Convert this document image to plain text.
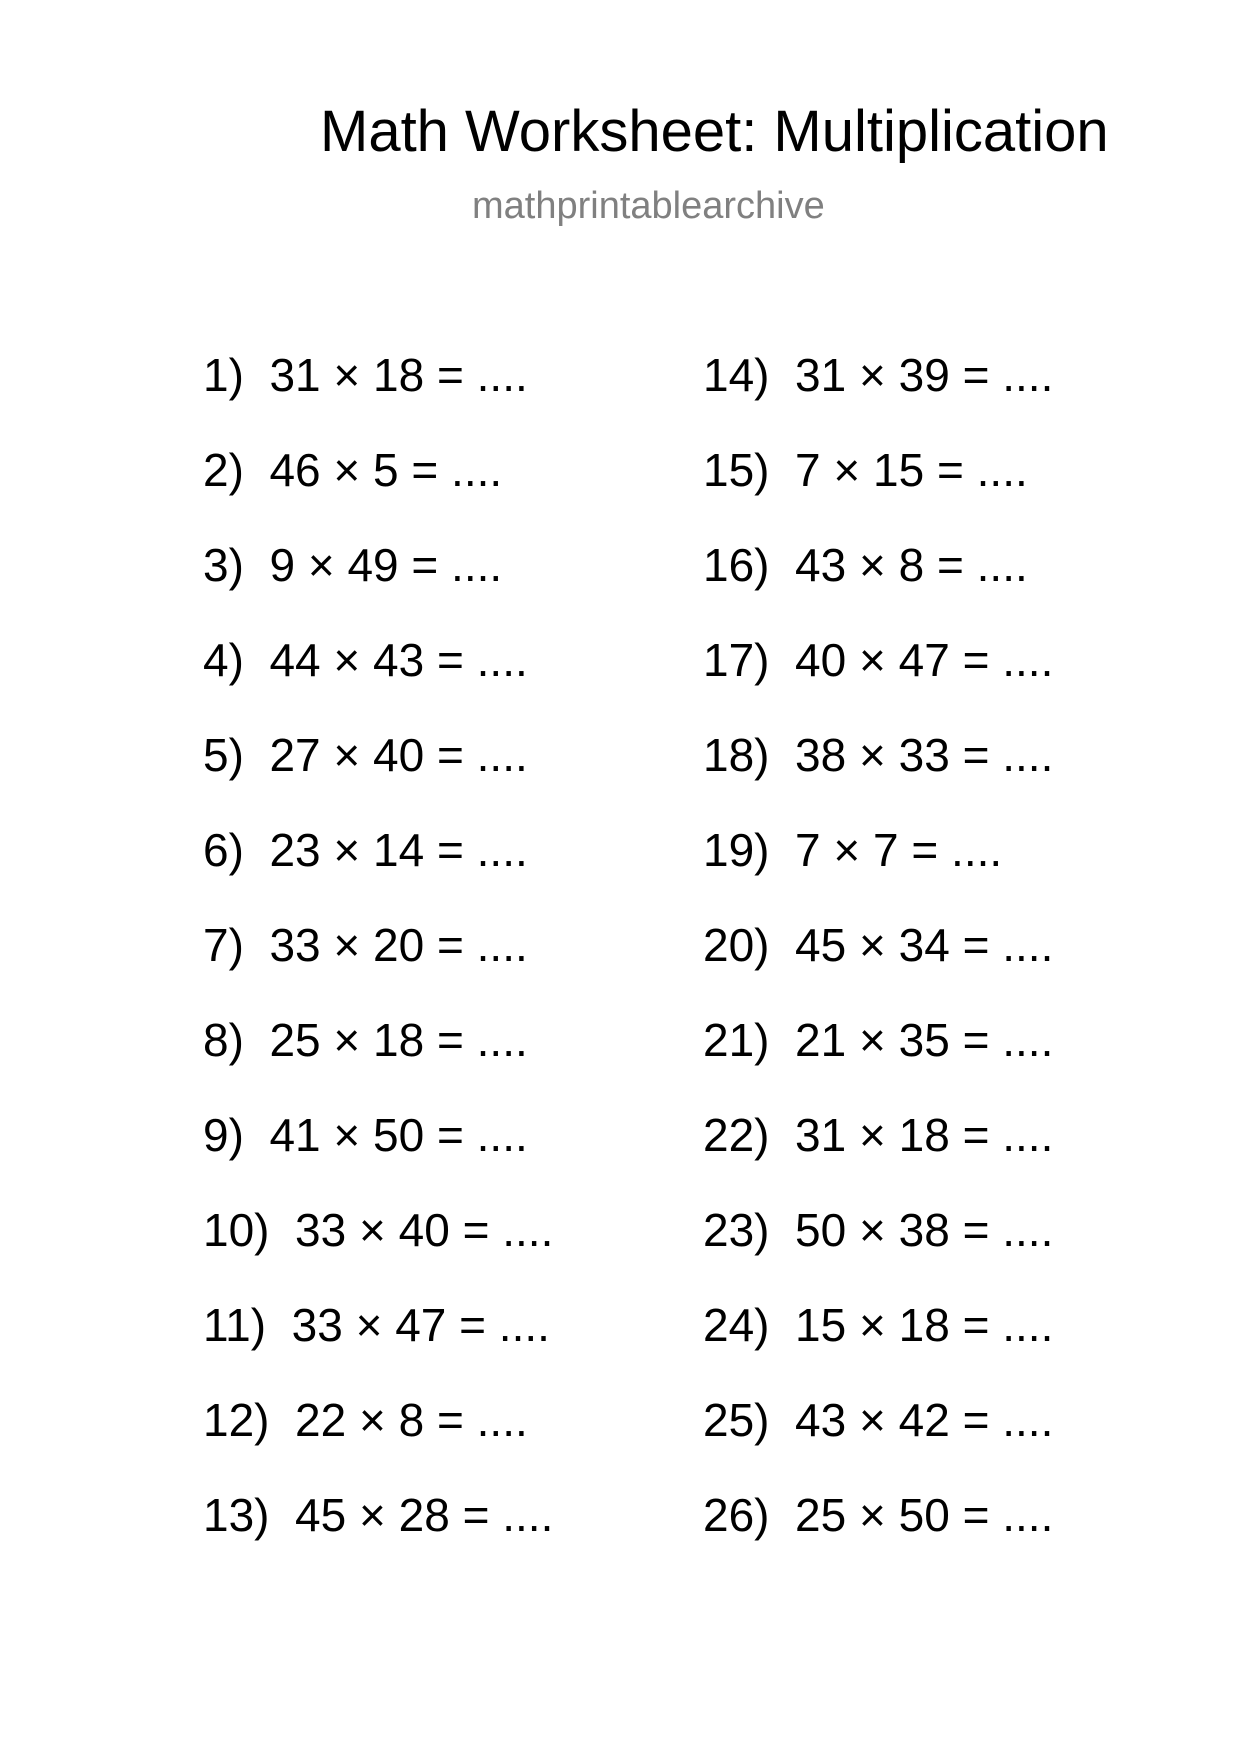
Math Worksheet: Multiplication
mathprintablearchive
1)  31 × 18 = ....
2)  46 × 5 = ....
3)  9 × 49 = ....
4)  44 × 43 = ....
5)  27 × 40 = ....
6)  23 × 14 = ....
7)  33 × 20 = ....
8)  25 × 18 = ....
9)  41 × 50 = ....
10)  33 × 40 = ....
11)  33 × 47 = ....
12)  22 × 8 = ....
13)  45 × 28 = ....
14)  31 × 39 = ....
15)  7 × 15 = ....
16)  43 × 8 = ....
17)  40 × 47 = ....
18)  38 × 33 = ....
19)  7 × 7 = ....
20)  45 × 34 = ....
21)  21 × 35 = ....
22)  31 × 18 = ....
23)  50 × 38 = ....
24)  15 × 18 = ....
25)  43 × 42 = ....
26)  25 × 50 = ....
